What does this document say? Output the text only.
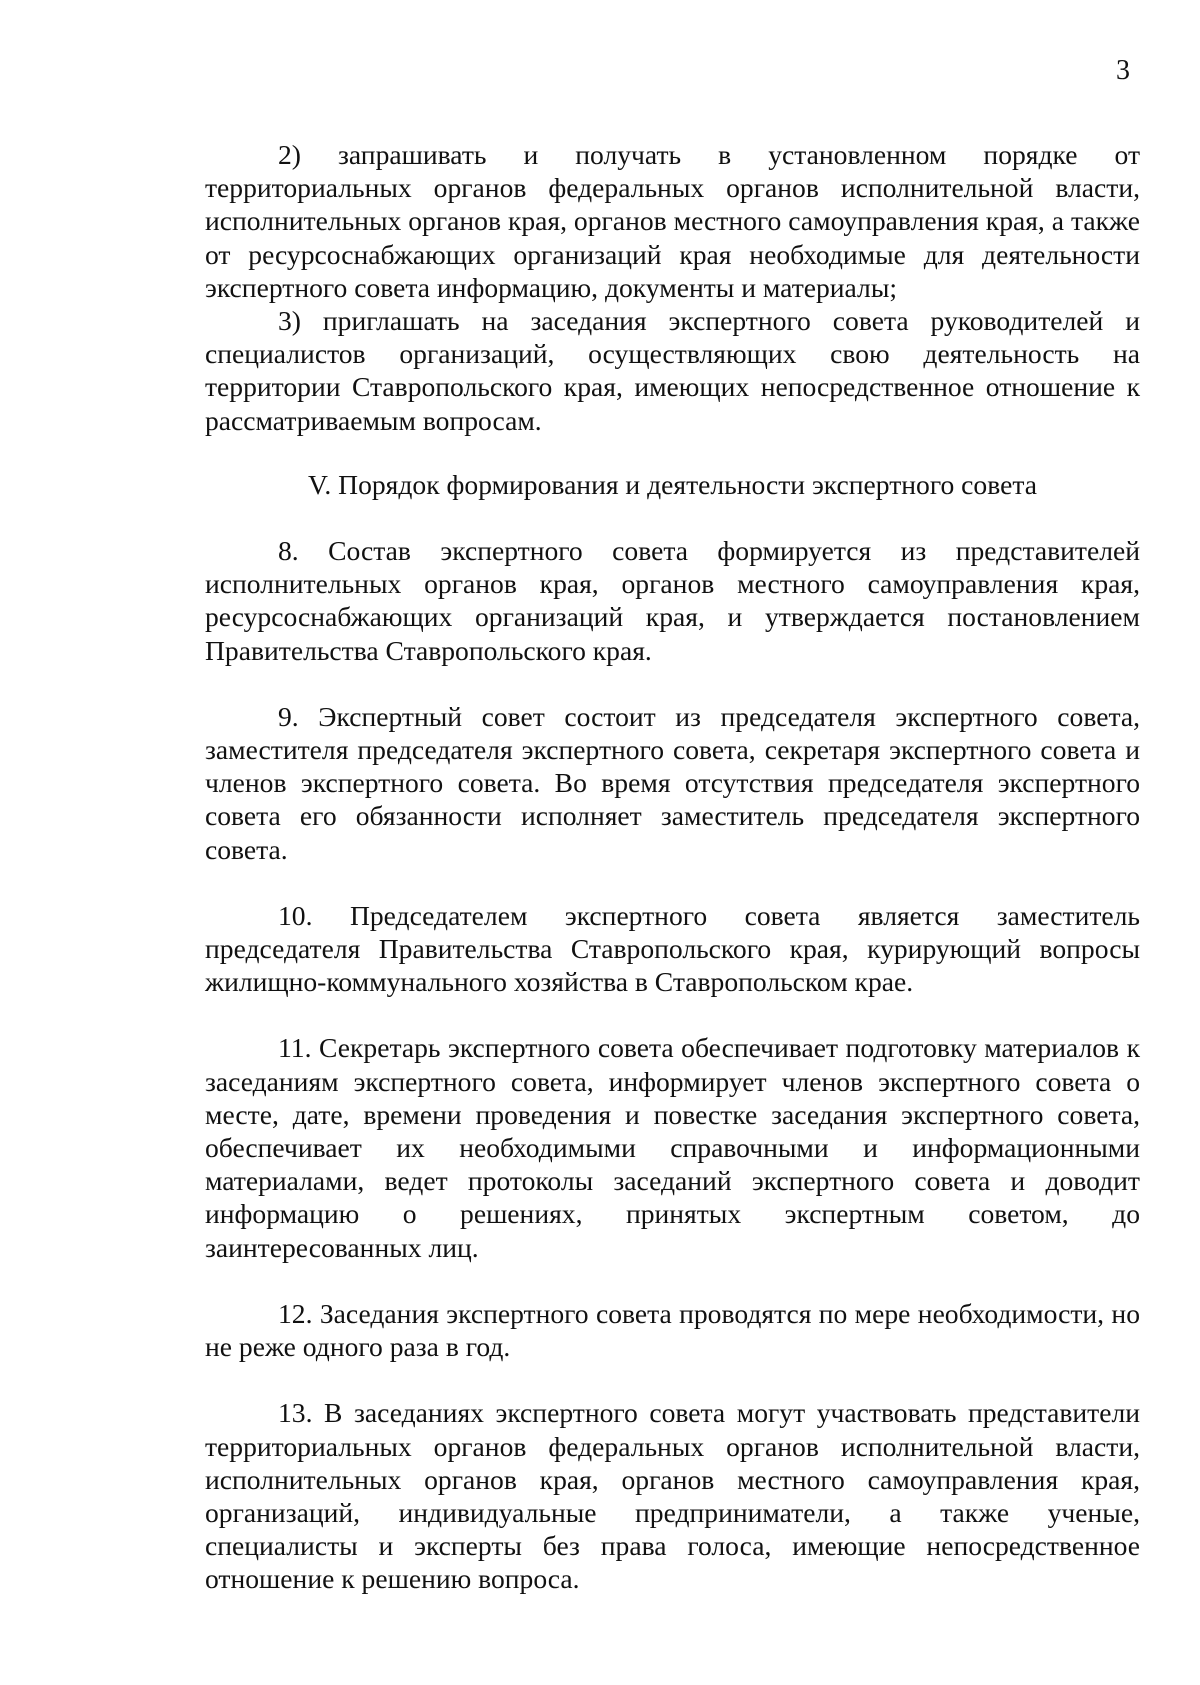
3

2) запрашивать и получать в установленном порядке от территориальных органов федеральных органов исполнительной власти, исполнительных органов края, органов местного самоуправления края, а также от ресурсоснабжающих организаций края необходимые для деятельности экспертного совета информацию, документы и материалы;

3) приглашать на заседания экспертного совета руководителей и специалистов организаций, осуществляющих свою деятельность на территории Ставропольского края, имеющих непосредственное отношение к рассматриваемым вопросам.

V. Порядок формирования и деятельности экспертного совета

8. Состав экспертного совета формируется из представителей исполнительных органов края, органов местного самоуправления края, ресурсоснабжающих организаций края, и утверждается постановлением Правительства Ставропольского края.

9. Экспертный совет состоит из председателя экспертного совета, заместителя председателя экспертного совета, секретаря экспертного совета и членов экспертного совета. Во время отсутствия председателя экспертного совета его обязанности исполняет заместитель председателя экспертного совета.

10. Председателем экспертного совета является заместитель председателя Правительства Ставропольского края, курирующий вопросы жилищно-коммунального хозяйства в Ставропольском крае.

11. Секретарь экспертного совета обеспечивает подготовку материалов к заседаниям экспертного совета, информирует членов экспертного совета о месте, дате, времени проведения и повестке заседания экспертного совета, обеспечивает их необходимыми справочными и информационными материалами, ведет протоколы заседаний экспертного совета и доводит информацию о решениях, принятых экспертным советом, до заинтересованных лиц.

12. Заседания экспертного совета проводятся по мере необходимости, но не реже одного раза в год.

13. В заседаниях экспертного совета могут участвовать представители территориальных органов федеральных органов исполнительной власти, исполнительных органов края, органов местного самоуправления края, организаций, индивидуальные предприниматели, а также ученые, специалисты и эксперты без права голоса, имеющие непосредственное отношение к решению вопроса.
